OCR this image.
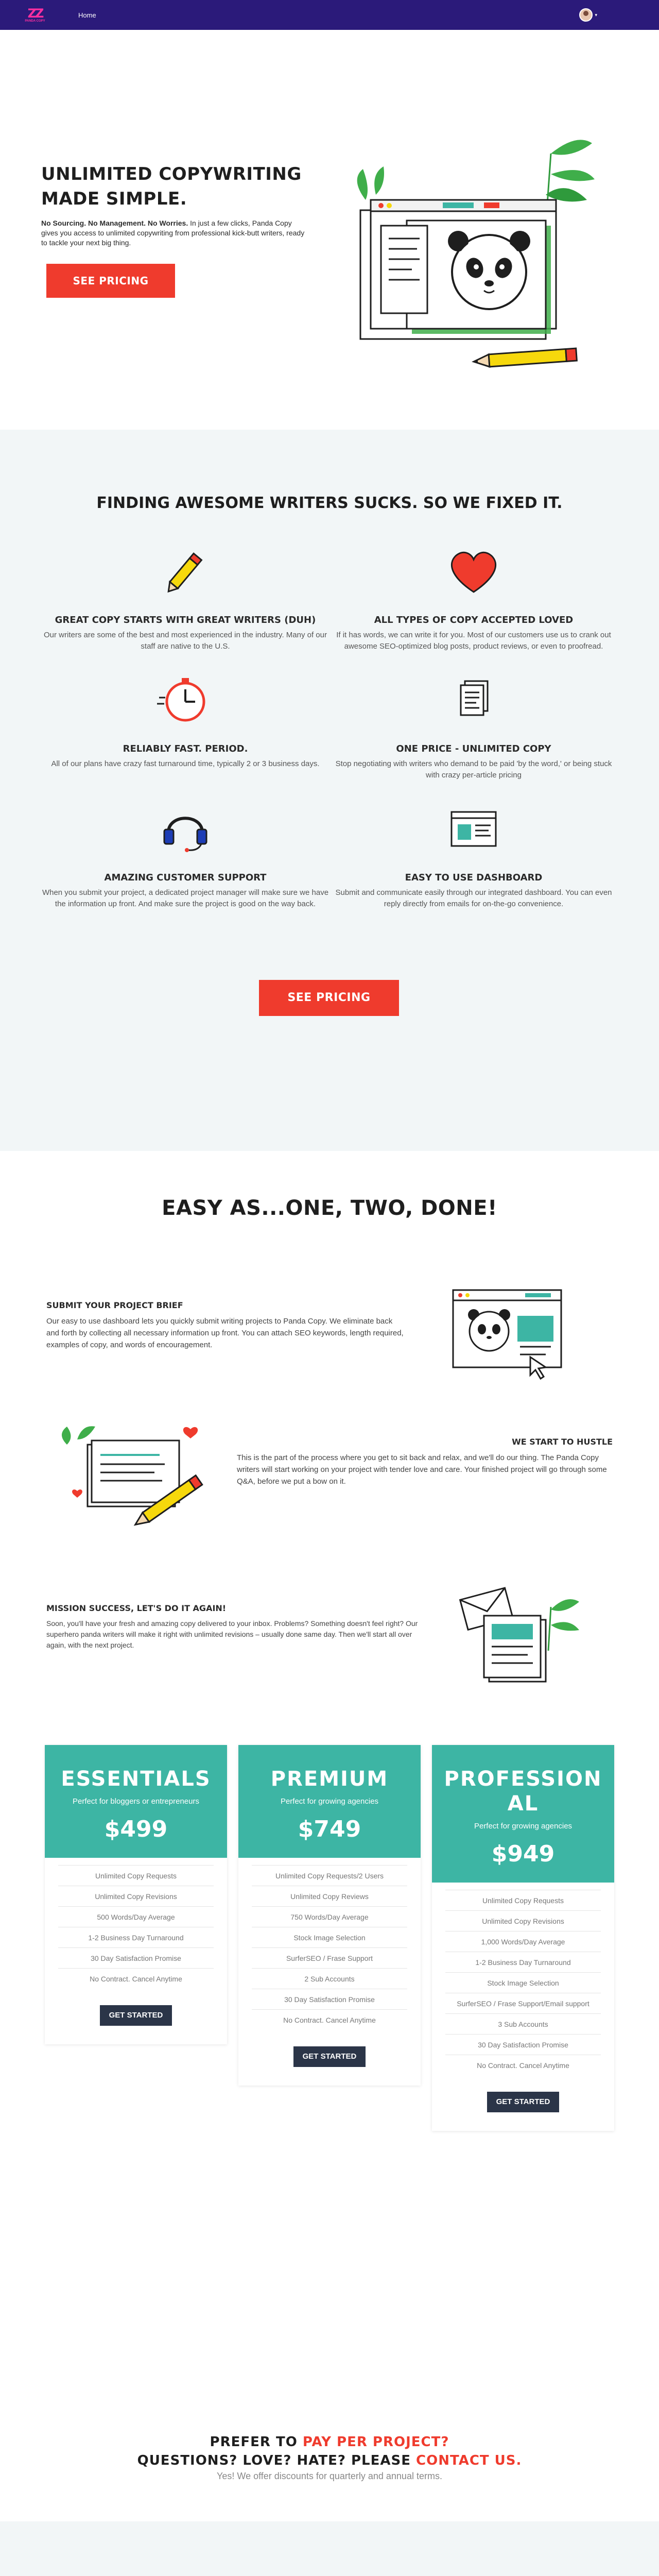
ZZ
PANDA COPY
Home	▾
UNLIMITED COPYWRITING MADE SIMPLE.

No Sourcing. No Management. No Worries. In just a few clicks, Panda Copy gives you access to unlimited copywriting from professional kick-butt writers, ready to tackle your next big thing.

SEE PRICING
FINDING AWESOME WRITERS SUCKS. SO WE FIXED IT.
GREAT COPY STARTS WITH GREAT WRITERS (DUH)

Our writers are some of the best and most experienced in the industry. Many of our staff are native to the U.S.

ALL TYPES OF COPY ACCEPTED LOVED

If it has words, we can write it for you. Most of our customers use us to crank out awesome SEO-optimized blog posts, product reviews, or even to proofread.

RELIABLY FAST. PERIOD.

All of our plans have crazy fast turnaround time, typically 2 or 3 business days.

ONE PRICE - UNLIMITED COPY

Stop negotiating with writers who demand to be paid 'by the word,' or being stuck with crazy per-article pricing

AMAZING CUSTOMER SUPPORT

When you submit your project, a dedicated project manager will make sure we have the information up front. And make sure the project is good on the way back.

EASY TO USE DASHBOARD

Submit and communicate easily through our integrated dashboard. You can even reply directly from emails for on-the-go convenience.

SEE PRICING
EASY AS...ONE, TWO, DONE!
SUBMIT YOUR PROJECT BRIEF

Our easy to use dashboard lets you quickly submit writing projects to Panda Copy. We eliminate back and forth by collecting all necessary information up front. You can attach SEO keywords, length required, examples of copy, and words of encouragement.

WE START TO HUSTLE

This is the part of the process where you get to sit back and relax, and we'll do our thing. The Panda Copy writers will start working on your project with tender love and care. Your finished project will go through some Q&A, before we put a bow on it.

MISSION SUCCESS, LET'S DO IT AGAIN!

Soon, you'll have your fresh and amazing copy delivered to your inbox. Problems? Something doesn't feel right? Our superhero panda writers will make it right with unlimited revisions – usually done same day. Then we'll start all over again, with the next project.

ESSENTIALS
Perfect for bloggers or entrepreneurs
$499
Unlimited Copy Requests
Unlimited Copy Revisions
500 Words/Day Average
1-2 Business Day Turnaround
30 Day Satisfaction Promise
No Contract. Cancel Anytime
GET STARTED
PREMIUM
Perfect for growing agencies
$749
Unlimited Copy Requests/2 Users
Unlimited Copy Reviews
750 Words/Day Average
Stock Image Selection
SurferSEO / Frase Support
2 Sub Accounts
30 Day Satisfaction Promise
No Contract. Cancel Anytime
GET STARTED
PROFESSIONAL
Perfect for growing agencies
$949
Unlimited Copy Requests
Unlimited Copy Revisions
1,000 Words/Day Average
1-2 Business Day Turnaround
Stock Image Selection
SurferSEO / Frase Support/Email support
3 Sub Accounts
30 Day Satisfaction Promise
No Contract. Cancel Anytime
GET STARTED
PREFER TO PAY PER PROJECT?
QUESTIONS? LOVE? HATE? PLEASE CONTACT US.
Yes! We offer discounts for quarterly and annual terms.
